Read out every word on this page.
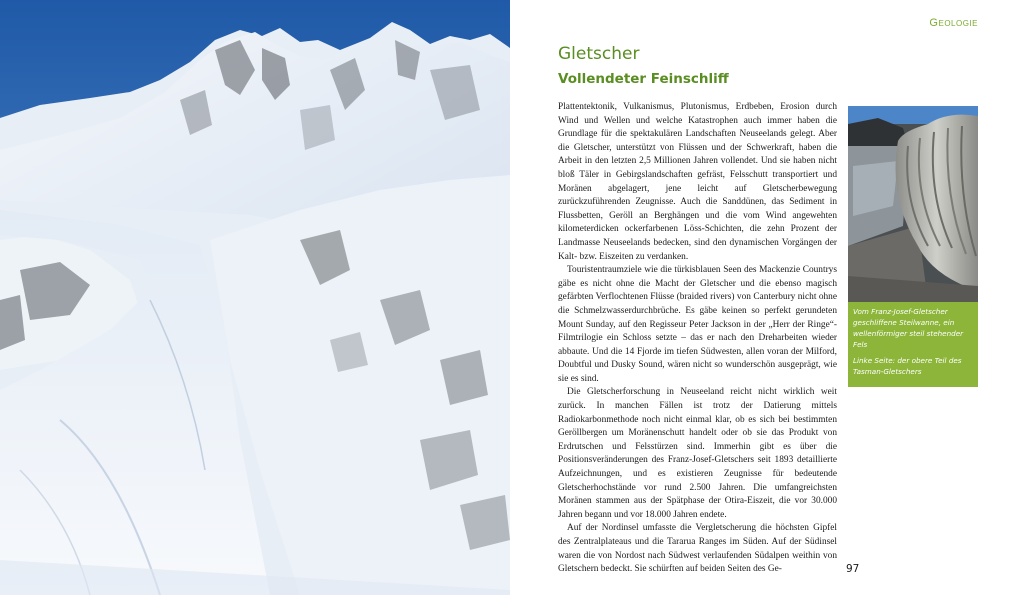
Geologie
Gletscher
Vollendeter Feinschliff

Plattentektonik, Vulkanismus, Plutonismus, Erdbeben, Erosion durch Wind und Wellen und welche Katastrophen auch immer haben die Grundlage für die spektakulären Landschaften Neuseelands gelegt. Aber die Gletscher, unterstützt von Flüssen und der Schwerkraft, haben die Arbeit in den letzten 2,5 Millionen Jahren vollendet. Und sie haben nicht bloß Täler in Gebirgslandschaften gefräst, Felsschutt transportiert und Moränen abgelagert, jene leicht auf Gletscherbewegung zurückzuführenden Zeugnisse. Auch die Sanddünen, das Sediment in Flussbetten, Geröll an Berghängen und die vom Wind angewehten kilometerdicken ockerfarbenen Löss-Schichten, die zehn Prozent der Landmasse Neuseelands bedecken, sind den dynamischen Vorgängen der Kalt- bzw. Eiszeiten zu verdanken.

Touristentraumziele wie die türkisblauen Seen des Mackenzie Countrys gäbe es nicht ohne die Macht der Gletscher und die ebenso magisch gefärbten Verflochtenen Flüsse (braided rivers) von Canterbury nicht ohne die Schmelzwasserdurchbrüche. Es gäbe keinen so perfekt gerundeten Mount Sunday, auf den Regisseur Peter Jackson in der „Herr der Ringe“-Filmtrilogie ein Schloss setzte – das er nach den Dreharbeiten wieder abbaute. Und die 14 Fjorde im tiefen Südwesten, allen voran der Milford, Doubtful und Dusky Sound, wären nicht so wunderschön ausgeprägt, wie sie es sind.

Die Gletscherforschung in Neuseeland reicht nicht wirklich weit zurück. In manchen Fällen ist trotz der Datierung mittels Radiokarbonmethode noch nicht einmal klar, ob es sich bei bestimmten Geröllbergen um Moränenschutt handelt oder ob sie das Produkt von Erdrutschen und Felsstürzen sind. Immerhin gibt es über die Positionsveränderungen des Franz-Josef-Gletschers seit 1893 detaillierte Aufzeichnungen, und es existieren Zeugnisse für bedeutende Gletscherhochstände vor rund 2.500 Jahren. Die umfangreichsten Moränen stammen aus der Spätphase der Otira-Eiszeit, die vor 30.000 Jahren begann und vor 18.000 Jahren endete.

Auf der Nordinsel umfasste die Vergletscherung die höchsten Gipfel des Zentralplateaus und die Tararua Ranges im Süden. Auf der Südinsel waren die von Nordost nach Südwest verlaufenden Südalpen weithin von Gletschern bedeckt. Sie schürften auf beiden Seiten des Ge-

Vom Franz-Josef-Gletscher geschliffene Steilwanne, ein wellenförmiger steil stehender Fels

Linke Seite: der obere Teil des Tasman-Gletschers

97
